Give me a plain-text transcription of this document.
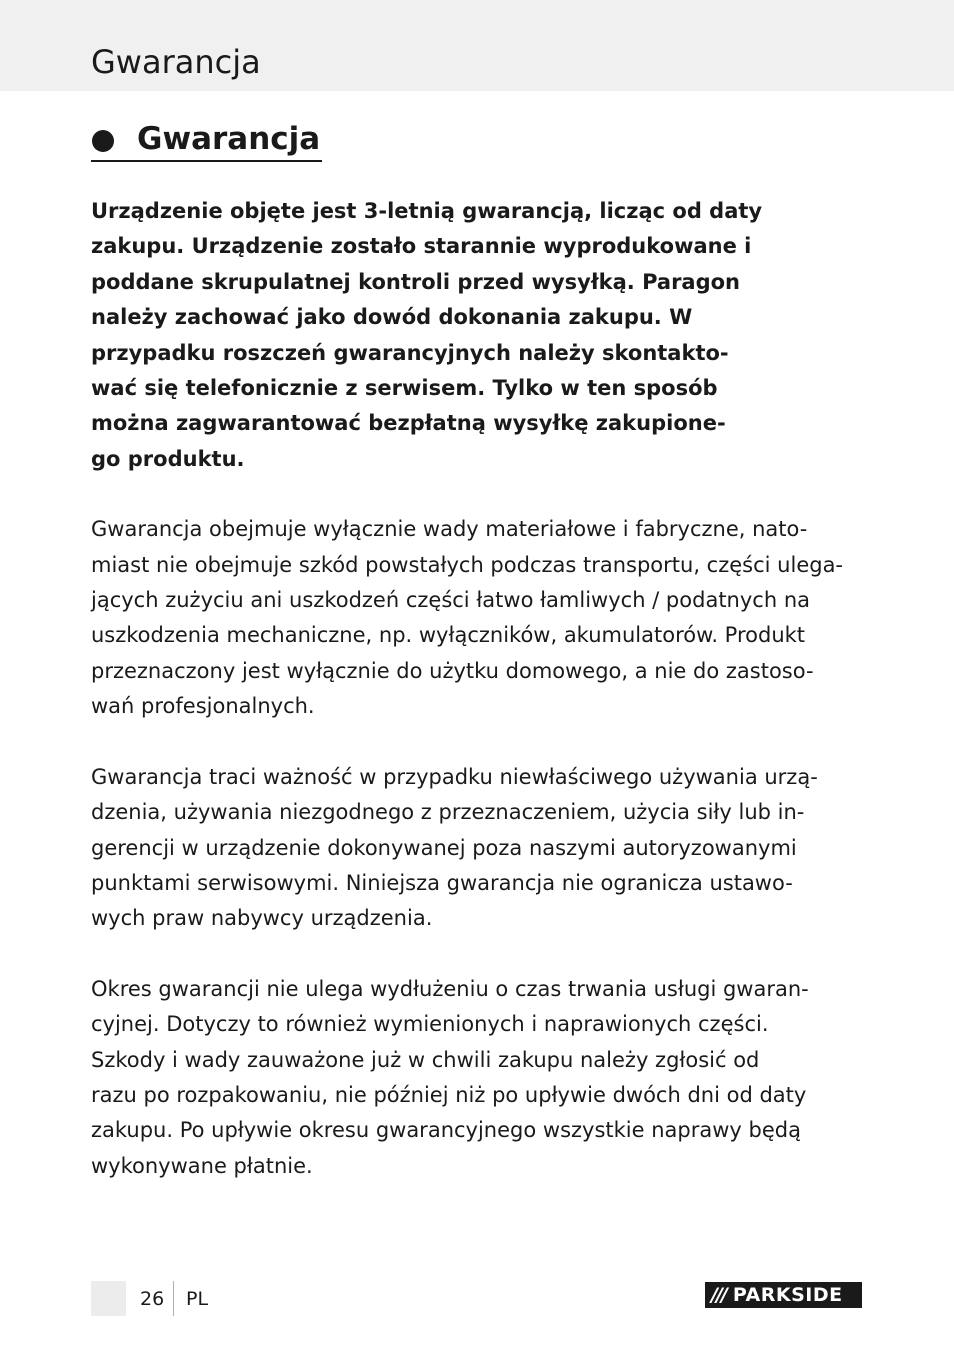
Gwarancja
Gwarancja

Urządzenie objęte jest 3-letnią gwarancją, licząc od daty
zakupu. Urządzenie zostało starannie wyprodukowane i
poddane skrupulatnej kontroli przed wysyłką. Paragon
należy zachować jako dowód dokonania zakupu. W
przypadku roszczeń gwarancyjnych należy skontakto-
wać się telefonicznie z serwisem. Tylko w ten sposób
można zagwarantować bezpłatną wysyłkę zakupione-
go produktu.

Gwarancja obejmuje wyłącznie wady materiałowe i fabryczne, nato-
miast nie obejmuje szkód powstałych podczas transportu, części ulega-
jących zużyciu ani uszkodzeń części łatwo łamliwych / podatnych na
uszkodzenia mechaniczne, np. wyłączników, akumulatorów. Produkt
przeznaczony jest wyłącznie do użytku domowego, a nie do zastoso-
wań profesjonalnych.

Gwarancja traci ważność w przypadku niewłaściwego używania urzą-
dzenia, używania niezgodnego z przeznaczeniem, użycia siły lub in-
gerencji w urządzenie dokonywanej poza naszymi autoryzowanymi
punktami serwisowymi. Niniejsza gwarancja nie ogranicza ustawo-
wych praw nabywcy urządzenia.

Okres gwarancji nie ulega wydłużeniu o czas trwania usługi gwaran-
cyjnej. Dotyczy to również wymienionych i naprawionych części.
Szkody i wady zauważone już w chwili zakupu należy zgłosić od
razu po rozpakowaniu, nie później niż po upływie dwóch dni od daty
zakupu. Po upływie okresu gwarancyjnego wszystkie naprawy będą
wykonywane płatnie.

26 PL	/// PARKSIDE
